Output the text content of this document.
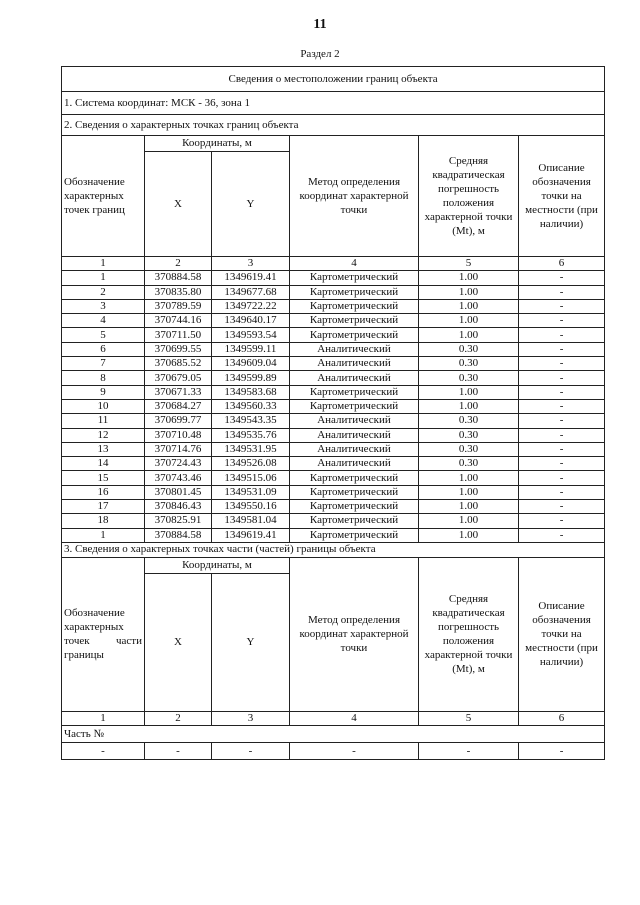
11
Раздел 2
Сведения о местоположении границ объекта					
1. Система координат: МСК - 36, зона 1					
2. Сведения о характерных точках границ объекта					
Обозначение характерных точек границ	Координаты, м		Метод определения координат характерной точки	Средняя квадратическая погрешность положения характерной точки (Mt), м	Описание обозначения точки на местности (при наличии)
	X	Y			
1	2	3	4	5	6
1	370884.58	1349619.41	Картометрический	1.00	-
2	370835.80	1349677.68	Картометрический	1.00	-
3	370789.59	1349722.22	Картометрический	1.00	-
4	370744.16	1349640.17	Картометрический	1.00	-
5	370711.50	1349593.54	Картометрический	1.00	-
6	370699.55	1349599.11	Аналитический	0.30	-
7	370685.52	1349609.04	Аналитический	0.30	-
8	370679.05	1349599.89	Аналитический	0.30	-
9	370671.33	1349583.68	Картометрический	1.00	-
10	370684.27	1349560.33	Картометрический	1.00	-
11	370699.77	1349543.35	Аналитический	0.30	-
12	370710.48	1349535.76	Аналитический	0.30	-
13	370714.76	1349531.95	Аналитический	0.30	-
14	370724.43	1349526.08	Аналитический	0.30	-
15	370743.46	1349515.06	Картометрический	1.00	-
16	370801.45	1349531.09	Картометрический	1.00	-
17	370846.43	1349550.16	Картометрический	1.00	-
18	370825.91	1349581.04	Картометрический	1.00	-
1	370884.58	1349619.41	Картометрический	1.00	-
3. Сведения о характерных точках части (частей) границы объекта					

Обозначение характерных
точек части
границы	Координаты, м		Метод определения координат характерной точки	Средняя квадратическая погрешность положения характерной точки (Mt), м	Описание обозначения точки на местности (при наличии)
	X	Y			
1	2	3	4	5	6
Часть №					
-	-	-	-	-	-
